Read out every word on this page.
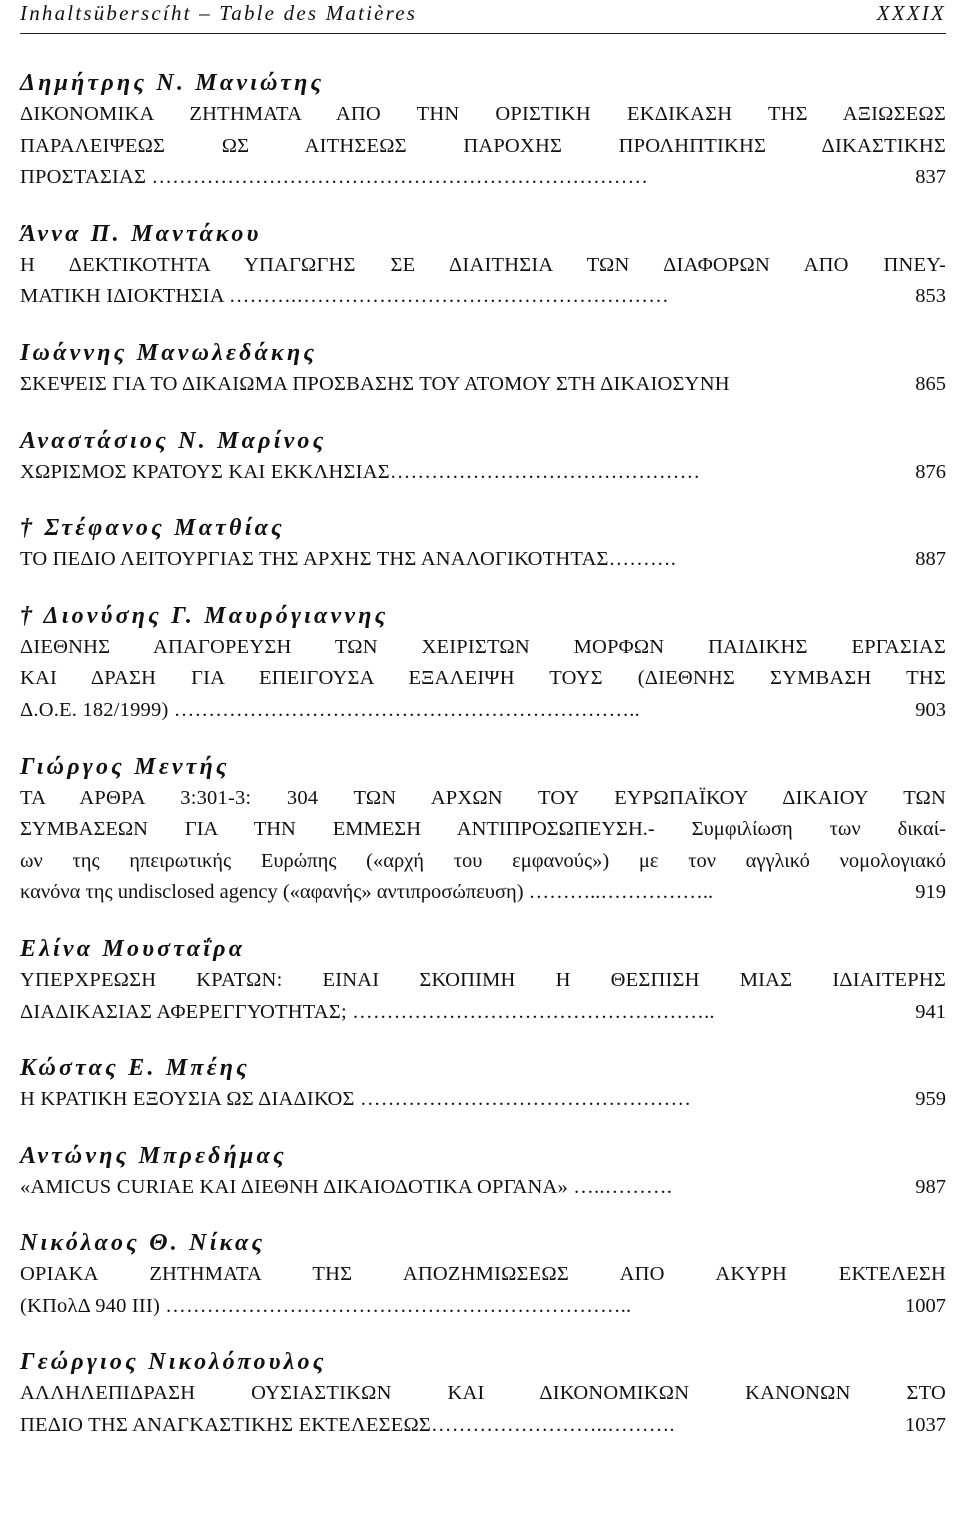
Inhaltsüberscíht – Table des Matières	XXXIX
Δημήτρης Ν. Μανιώτης
ΔΙΚΟΝΟΜΙΚΑ ΖΗΤΗΜΑΤΑ ΑΠΟ ΤΗΝ ΟΡΙΣΤΙΚΗ ΕΚΔΙΚΑΣΗ ΤΗΣ ΑΞΙΩΣΕΩΣ
ΠΑΡΑΛΕΙΨΕΩΣ ΩΣ ΑΙΤΗΣΕΩΣ ΠΑΡΟΧΗΣ ΠΡΟΛΗΠΤΙΚΗΣ ΔΙΚΑΣΤΙΚΗΣ
ΠΡΟΣΤΑΣΙΑΣ ………………………………………………………………	837
Άννα Π. Μαντάκου
Η ΔΕΚΤΙΚΟΤΗΤΑ ΥΠΑΓΩΓΗΣ ΣΕ ΔΙΑΙΤΗΣΙΑ ΤΩΝ ΔΙΑΦΟΡΩΝ ΑΠΟ ΠΝΕΥ-
ΜΑΤΙΚΗ ΙΔΙΟΚΤΗΣΙΑ ……….………………………………………………	853
Ιωάννης Μανωλεδάκης
ΣΚΕΨΕΙΣ ΓΙΑ ΤΟ ΔΙΚΑΙΩΜΑ ΠΡΟΣΒΑΣΗΣ ΤΟΥ ΑΤΟΜΟΥ ΣΤΗ ΔΙΚΑΙΟΣΥΝΗ	865
Αναστάσιος Ν. Μαρίνος
ΧΩΡΙΣΜΟΣ ΚΡΑΤΟΥΣ ΚΑΙ ΕΚΚΛΗΣΙΑΣ………………………………………	876
† Στέφανος Ματθίας
ΤΟ ΠΕΔΙΟ ΛΕΙΤΟΥΡΓΙΑΣ ΤΗΣ ΑΡΧΗΣ ΤΗΣ ΑΝΑΛΟΓΙΚΟΤΗΤΑΣ……….	887
† Διονύσης Γ. Μαυρόγιαννης
ΔΙΕΘΝΗΣ ΑΠΑΓΟΡΕΥΣΗ ΤΩΝ ΧΕΙΡΙΣΤΩΝ ΜΟΡΦΩΝ ΠΑΙΔΙΚΗΣ ΕΡΓΑΣΙΑΣ
ΚΑΙ ΔΡΑΣΗ ΓΙΑ ΕΠΕΙΓΟΥΣΑ ΕΞΑΛΕΙΨΗ ΤΟΥΣ (ΔΙΕΘΝΗΣ ΣΥΜΒΑΣΗ ΤΗΣ
Δ.Ο.Ε. 182/1999) …………………………………………………………..	903
Γιώργος Μεντής
ΤΑ ΑΡΘΡΑ 3:301-3: 304 ΤΩΝ ΑΡΧΩΝ ΤΟΥ ΕΥΡΩΠΑΪΚΟΥ ΔΙΚΑΙΟΥ ΤΩΝ
ΣΥΜΒΑΣΕΩΝ ΓΙΑ ΤΗΝ ΕΜΜΕΣΗ ΑΝΤΙΠΡΟΣΩΠΕΥΣΗ.- Συμφιλίωση των δικαί-
ων της ηπειρωτικής Ευρώπης («αρχή του εμφανούς») με τον αγγλικό νομολογιακό
κανόνα της undisclosed agency («αφανής» αντιπροσώπευση) ………..……………..	919
Ελίνα Μουσταΐρα
ΥΠΕΡΧΡΕΩΣΗ ΚΡΑΤΩΝ: ΕΙΝΑΙ ΣΚΟΠΙΜΗ Η ΘΕΣΠΙΣΗ ΜΙΑΣ ΙΔΙΑΙΤΕΡΗΣ
ΔΙΑΔΙΚΑΣΙΑΣ ΑΦΕΡΕΓΓΥΟΤΗΤΑΣ; ……………………………………………..	941
Κώστας Ε. Μπέης
Η ΚΡΑΤΙΚΗ ΕΞΟΥΣΙΑ ΩΣ ΔΙΑΔΙΚΟΣ …………………………………………	959
Αντώνης Μπρεδήμας
«AMICUS CURIAE ΚΑΙ ΔΙΕΘΝΗ ΔΙΚΑΙΟΔΟΤΙΚΑ ΟΡΓΑΝΑ» …..……….	987
Νικόλαος Θ. Νίκας
ΟΡΙΑΚΑ ΖΗΤΗΜΑΤΑ ΤΗΣ ΑΠΟΖΗΜΙΩΣΕΩΣ ΑΠΟ ΑΚΥΡΗ ΕΚΤΕΛΕΣΗ
(ΚΠολΔ 940 ΙΙΙ) …………………………………………………………..	1007
Γεώργιος Νικολόπουλος
ΑΛΛΗΛΕΠΙΔΡΑΣΗ ΟΥΣΙΑΣΤΙΚΩΝ ΚΑΙ ΔΙΚΟΝΟΜΙΚΩΝ ΚΑΝΟΝΩΝ ΣΤΟ
ΠΕΔΙΟ ΤΗΣ ΑΝΑΓΚΑΣΤΙΚΗΣ ΕΚΤΕΛΕΣΕΩΣ……………………..……….	1037
